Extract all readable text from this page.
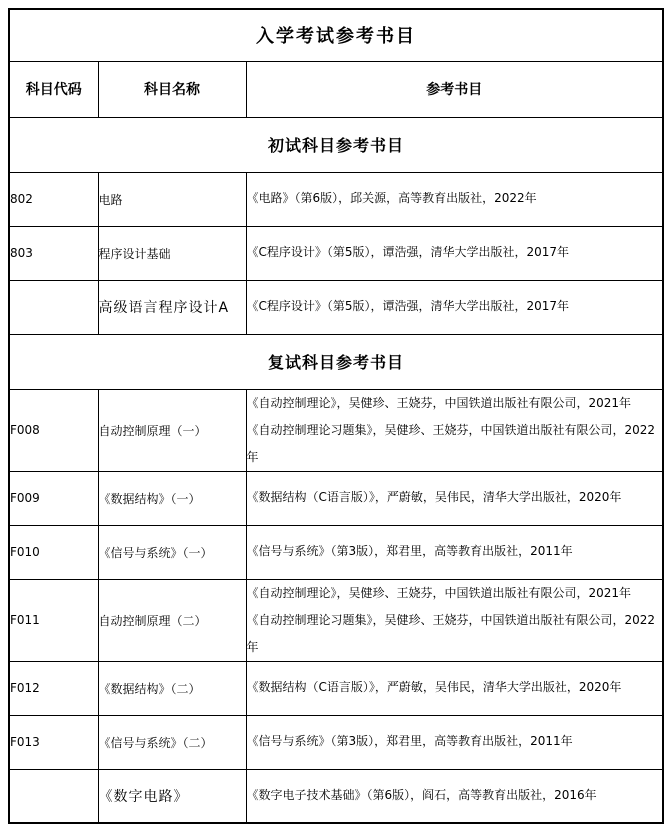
入学考试参考书目		
科目代码	科目名称	参考书目
初试科目参考书目		
802	电路	《电路》（第6版），邱关源，高等教育出版社，2022年

803	程序设计基础	《C程序设计》（第5版），谭浩强，清华大学出版社，2017年

	高级语言程序设计A	《C程序设计》（第5版），谭浩强，清华大学出版社，2017年

复试科目参考书目		
F008	自动控制原理（一）	《自动控制理论》，吴健珍、王娆芬，中国铁道出版社有限公司，2021年
《自动控制理论习题集》，吴健珍、王娆芬，中国铁道出版社有限公司，2022年

F009	《数据结构》（一）	《数据结构（C语言版）》，严蔚敏，吴伟民，清华大学出版社，2020年

F010	《信号与系统》（一）	《信号与系统》（第3版），郑君里，高等教育出版社，2011年

F011	自动控制原理（二）	《自动控制理论》，吴健珍、王娆芬，中国铁道出版社有限公司，2021年
《自动控制理论习题集》，吴健珍、王娆芬，中国铁道出版社有限公司，2022年

F012	《数据结构》（二）	《数据结构（C语言版）》，严蔚敏，吴伟民，清华大学出版社，2020年

F013	《信号与系统》（二）	《信号与系统》（第3版），郑君里，高等教育出版社，2011年

	《数字电路》	《数字电子技术基础》（第6版），阎石，高等教育出版社，2016年
